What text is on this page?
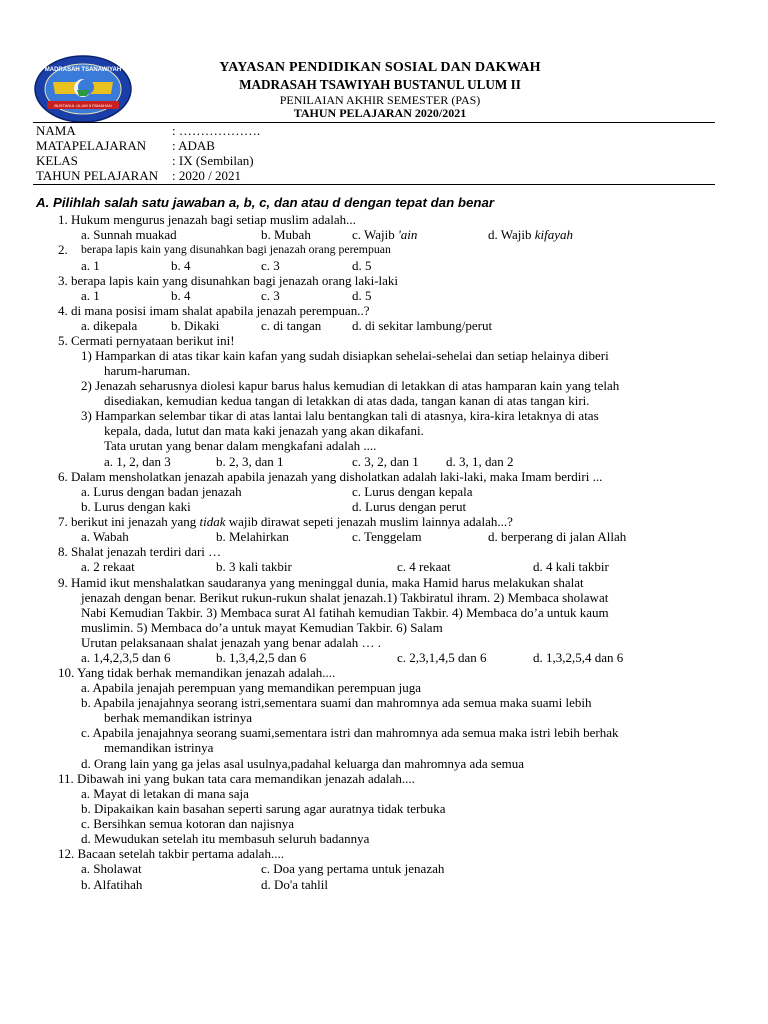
BUSTANUL ULUM II PAMAHAN
MADRASAH TSANAWIYAH	YAYASAN PENDIDIKAN SOSIAL DAN DAKWAH
MADRASAH TSAWIYAH BUSTANUL ULUM II
PENILAIAN AKHIR SEMESTER (PAS)
TAHUN PELAJARAN 2020/2021
NAMA	: ……………….
MATAPELAJARAN : ADAB
KELAS	: IX (Sembilan)
TAHUN PELAJARAN : 2020 / 2021
A. Pilihlah salah satu jawaban a, b, c, dan atau d dengan tepat dan benar
1. Hukum mengurus jenazah bagi setiap muslim adalah...
a. Sunnah muakad	b. Mubah	c. Wajib 'ain	d. Wajib kifayah
2. berapa lapis kain yang disunahkan bagi jenazah orang perempuan
a. 1	b. 4	c. 3	d. 5
3. berapa lapis kain yang disunahkan bagi jenazah orang laki-laki
a. 1	b. 4	c. 3	d. 5
4. di mana posisi imam shalat apabila jenazah perempuan..?
a. dikepala	b. Dikaki	c. di tangan d. di sekitar lambung/perut
5. Cermati pernyataan berikut ini!
1) Hamparkan di atas tikar kain kafan yang sudah disiapkan sehelai-sehelai dan setiap helainya diberi
harum-haruman.
2) Jenazah seharusnya diolesi kapur barus halus kemudian di letakkan di atas hamparan kain yang telah
disediakan, kemudian kedua tangan di letakkan di atas dada, tangan kanan di atas tangan kiri.
3) Hamparkan selembar tikar di atas lantai lalu bentangkan tali di atasnya, kira-kira letaknya di atas
kepala, dada, lutut dan mata kaki jenazah yang akan dikafani.
Tata urutan yang benar dalam mengkafani adalah ....
a. 1, 2, dan 3	b. 2, 3, dan 1	c. 3, 2, dan 1 d. 3, 1, dan 2
6. Dalam mensholatkan jenazah apabila jenazah yang disholatkan adalah laki-laki, maka Imam berdiri ...
a. Lurus dengan badan jenazah	c. Lurus dengan kepala
b. Lurus dengan kaki	d. Lurus dengan perut
7. berikut ini jenazah yang tidak wajib dirawat sepeti jenazah muslim lainnya adalah...?
a. Wabah	b. Melahirkan	c. Tenggelam	d. berperang di jalan Allah
8. Shalat jenazah terdiri dari …
a. 2 rekaat	b. 3 kali takbir	c. 4 rekaat	d. 4 kali takbir
9. Hamid ikut menshalatkan saudaranya yang meninggal dunia, maka Hamid harus melakukan shalat
jenazah dengan benar. Berikut rukun-rukun shalat jenazah.1) Takbiratul ihram. 2) Membaca sholawat
Nabi Kemudian Takbir. 3) Membaca surat Al fatihah kemudian Takbir. 4) Membaca do’a untuk kaum
muslimin. 5) Membaca do’a untuk mayat Kemudian Takbir. 6) Salam
Urutan pelaksanaan shalat jenazah yang benar adalah … .
a. 1,4,2,3,5 dan 6	b. 1,3,4,2,5 dan 6	c. 2,3,1,4,5 dan 6	d. 1,3,2,5,4 dan 6
10. Yang tidak berhak memandikan jenazah adalah....
a. Apabila jenajah perempuan yang memandikan perempuan juga
b. Apabila jenajahnya seorang istri,sementara suami dan mahromnya ada semua maka suami lebih
berhak memandikan istrinya
c. Apabila jenajahnya seorang suami,sementara istri dan mahromnya ada semua maka istri lebih berhak
memandikan istrinya
d. Orang lain yang ga jelas asal usulnya,padahal keluarga dan mahromnya ada semua
11. Dibawah ini yang bukan tata cara memandikan jenazah adalah....
a. Mayat di letakan di mana saja
b. Dipakaikan kain basahan seperti sarung agar auratnya tidak terbuka
c. Bersihkan semua kotoran dan najisnya
d. Mewudukan setelah itu membasuh seluruh badannya
12. Bacaan setelah takbir pertama adalah....
a. Sholawat	c. Doa yang pertama untuk jenazah
b. Alfatihah	d. Do'a tahlil
